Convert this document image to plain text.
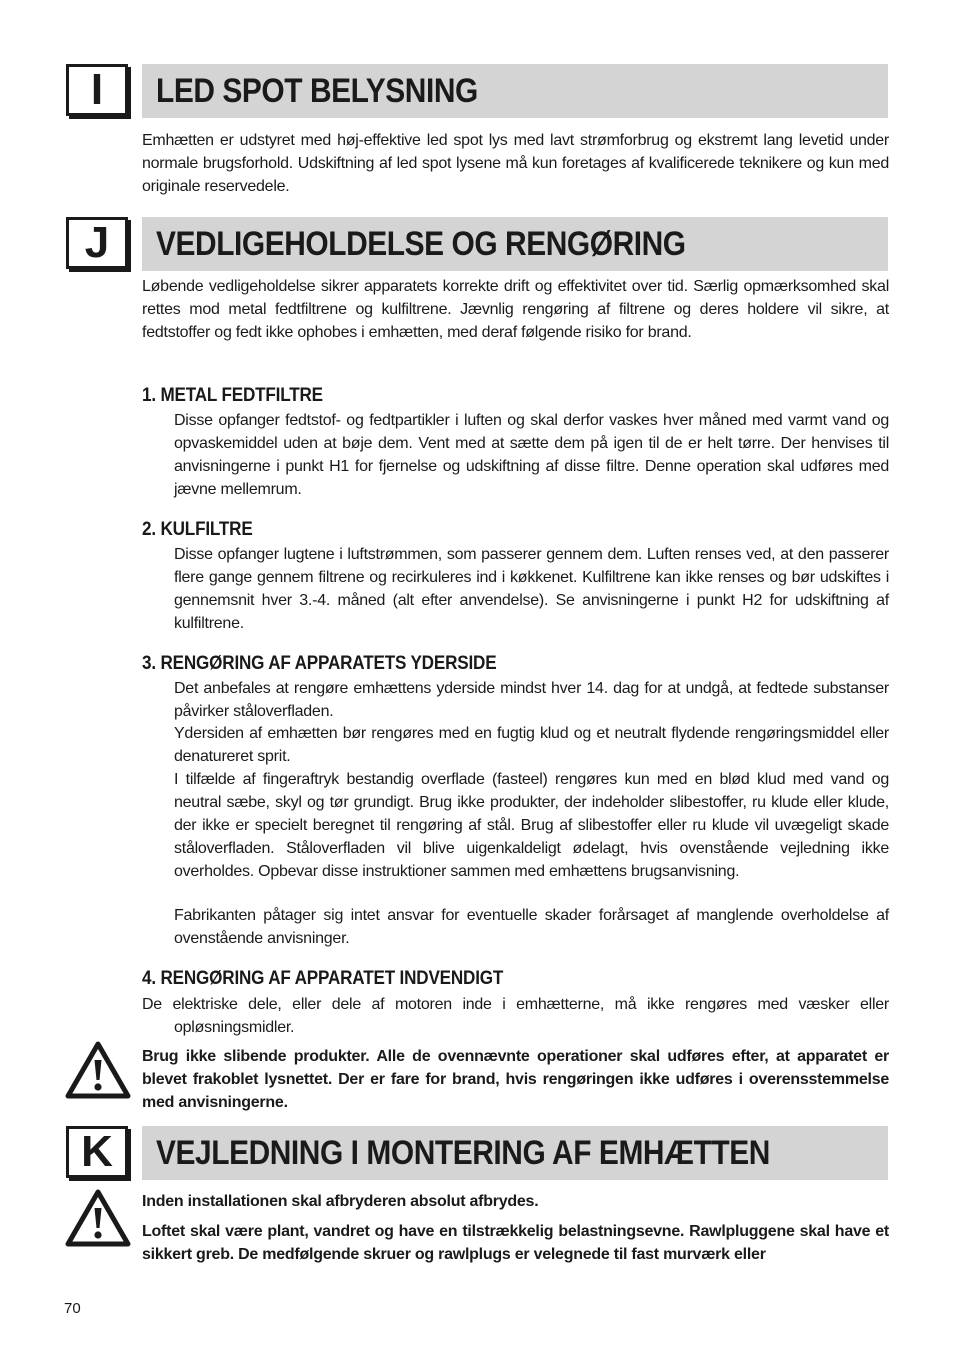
I	LED SPOT BELYSNING

Emhætten er udstyret med høj-effektive led spot lys med lavt strømforbrug og ekstremt lang levetid under normale brugsforhold. Udskiftning af led spot lysene må kun foretages af kvalificerede teknikere og kun med originale reservedele.

J	VEDLIGEHOLDELSE OG RENGØRING

Løbende vedligeholdelse sikrer apparatets korrekte drift og effektivitet over tid. Særlig opmærksomhed skal rettes mod metal fedtfiltrene og kulfiltrene. Jævnlig rengøring af filtrene og deres holdere vil sikre, at fedtstoffer og fedt ikke ophobes i emhætten, med deraf følgende risiko for brand.

1. METAL FEDTFILTRE

Disse opfanger fedtstof- og fedtpartikler i luften og skal derfor vaskes hver måned med varmt vand og opvaskemiddel uden at bøje dem. Vent med at sætte dem på igen til de er helt tørre. Der henvises til anvisningerne i punkt H1 for fjernelse og udskiftning af disse filtre. Denne operation skal udføres med jævne mellemrum.

2. KULFILTRE

Disse opfanger lugtene i luftstrømmen, som passerer gennem dem. Luften renses ved, at den passerer flere gange gennem filtrene og recirkuleres ind i køkkenet. Kulfiltrene kan ikke renses og bør udskiftes i gennemsnit hver 3.-4. måned (alt efter anvendelse). Se anvisningerne i punkt H2 for udskiftning af kulfiltrene.

3. RENGØRING AF APPARATETS YDERSIDE

Det anbefales at rengøre emhættens yderside mindst hver 14. dag for at undgå, at fedtede substanser påvirker ståloverfladen.

Ydersiden af emhætten bør rengøres med en fugtig klud og et neutralt flydende rengøringsmiddel eller denatureret sprit.

I tilfælde af fingeraftryk bestandig overflade (fasteel) rengøres kun med en blød klud med vand og neutral sæbe, skyl og tør grundigt. Brug ikke produkter, der indeholder slibestoffer, ru klude eller klude, der ikke er specielt beregnet til rengøring af stål. Brug af slibestoffer eller ru klude vil uvægeligt skade ståloverfladen. Ståloverfladen vil blive uigenkaldeligt ødelagt, hvis ovenstående vejledning ikke overholdes. Opbevar disse instruktioner sammen med emhættens brugsanvisning.

Fabrikanten påtager sig intet ansvar for eventuelle skader forårsaget af manglende overholdelse af ovenstående anvisninger.

4. RENGØRING AF APPARATET INDVENDIGT

De elektriske dele, eller dele af motoren inde i emhætterne, må ikke rengøres med væsker eller opløsningsmidler.

Brug ikke slibende produkter. Alle de ovennævnte operationer skal udføres efter, at apparatet er blevet frakoblet lysnettet. Der er fare for brand, hvis rengøringen ikke udføres i overensstemmelse med anvisningerne.

K	VEJLEDNING I MONTERING AF EMHÆTTEN

Inden installationen skal afbryderen absolut afbrydes.

Loftet skal være plant, vandret og have en tilstrækkelig belastningsevne. Rawlpluggene skal have et sikkert greb. De medfølgende skruer og rawlplugs er velegnede til fast murværk eller

70
